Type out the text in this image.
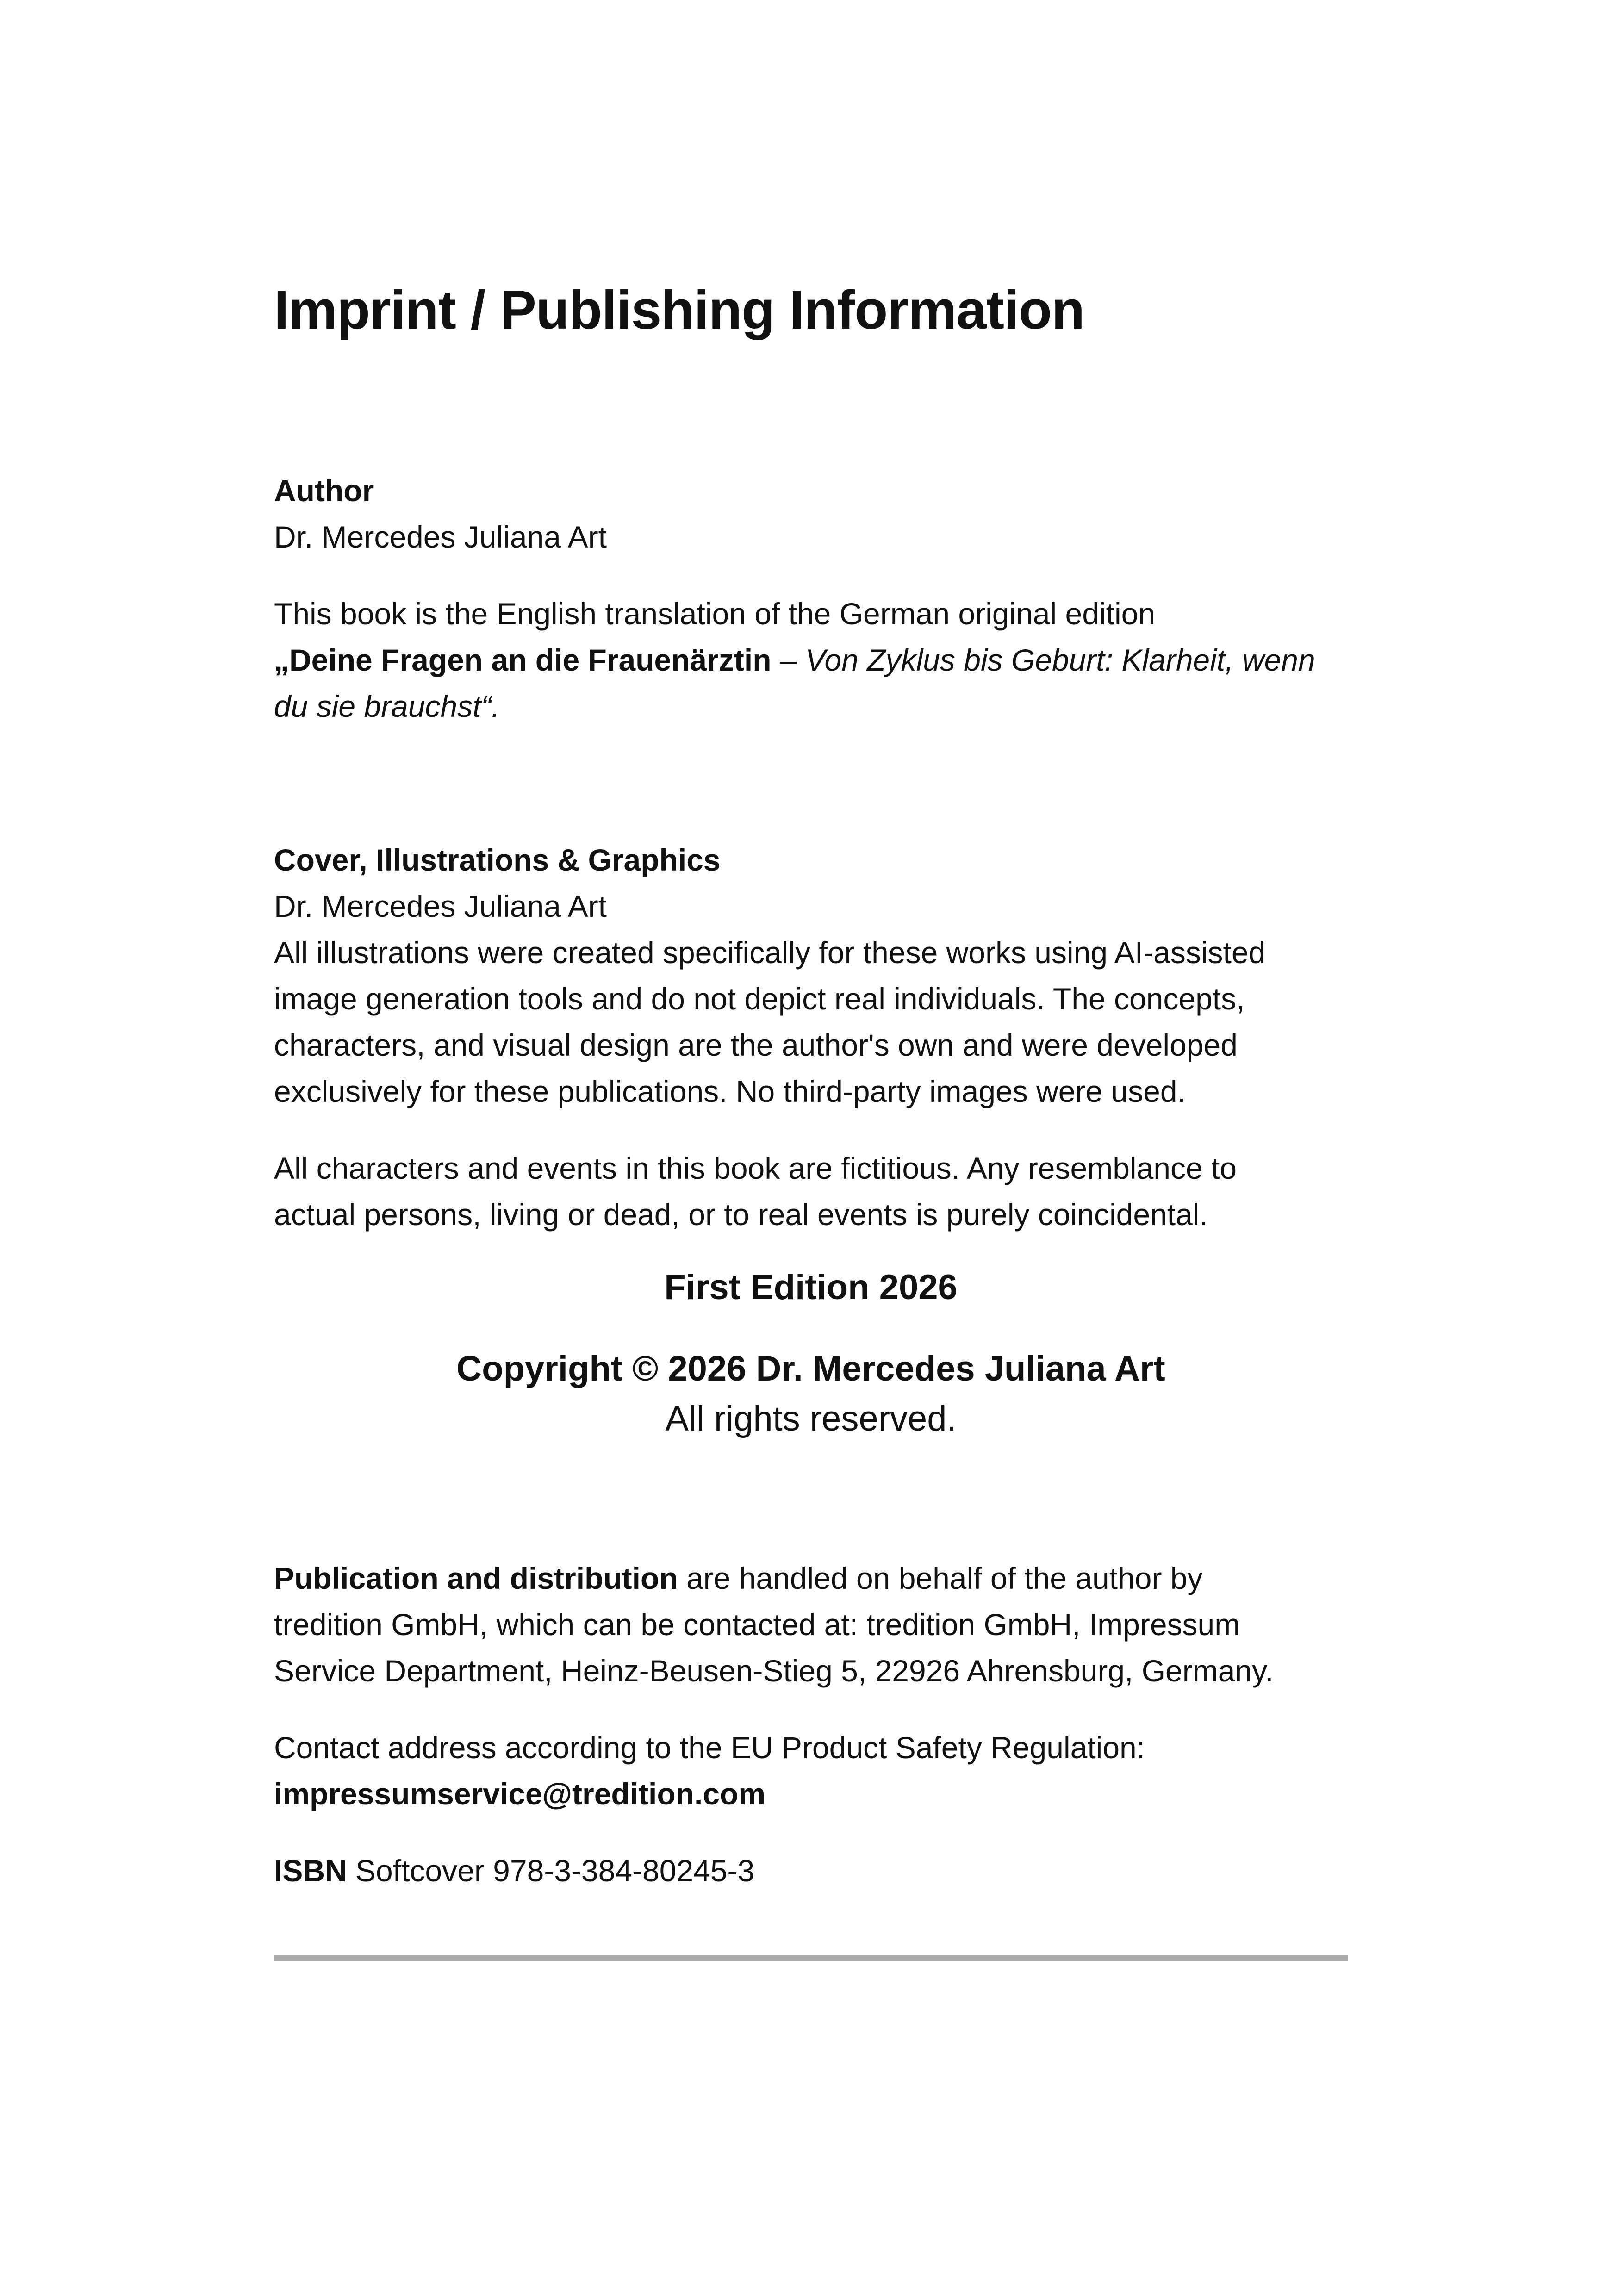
Imprint / Publishing Information
Author
Dr. Mercedes Juliana Art
This book is the English translation of the German original edition
„Deine Fragen an die Frauenärztin – Von Zyklus bis Geburt: Klarheit, wenn
du sie brauchst“.
Cover, Illustrations & Graphics
Dr. Mercedes Juliana Art
All illustrations were created specifically for these works using AI-assisted
image generation tools and do not depict real individuals. The concepts,
characters, and visual design are the author's own and were developed
exclusively for these publications. No third-party images were used.
All characters and events in this book are fictitious. Any resemblance to
actual persons, living or dead, or to real events is purely coincidental.
First Edition 2026
Copyright © 2026 Dr. Mercedes Juliana Art
All rights reserved.
Publication and distribution are handled on behalf of the author by
tredition GmbH, which can be contacted at: tredition GmbH, Impressum
Service Department, Heinz-Beusen-Stieg 5, 22926 Ahrensburg, Germany.
Contact address according to the EU Product Safety Regulation:
impressumservice@tredition.com
ISBN Softcover 978-3-384-80245-3
